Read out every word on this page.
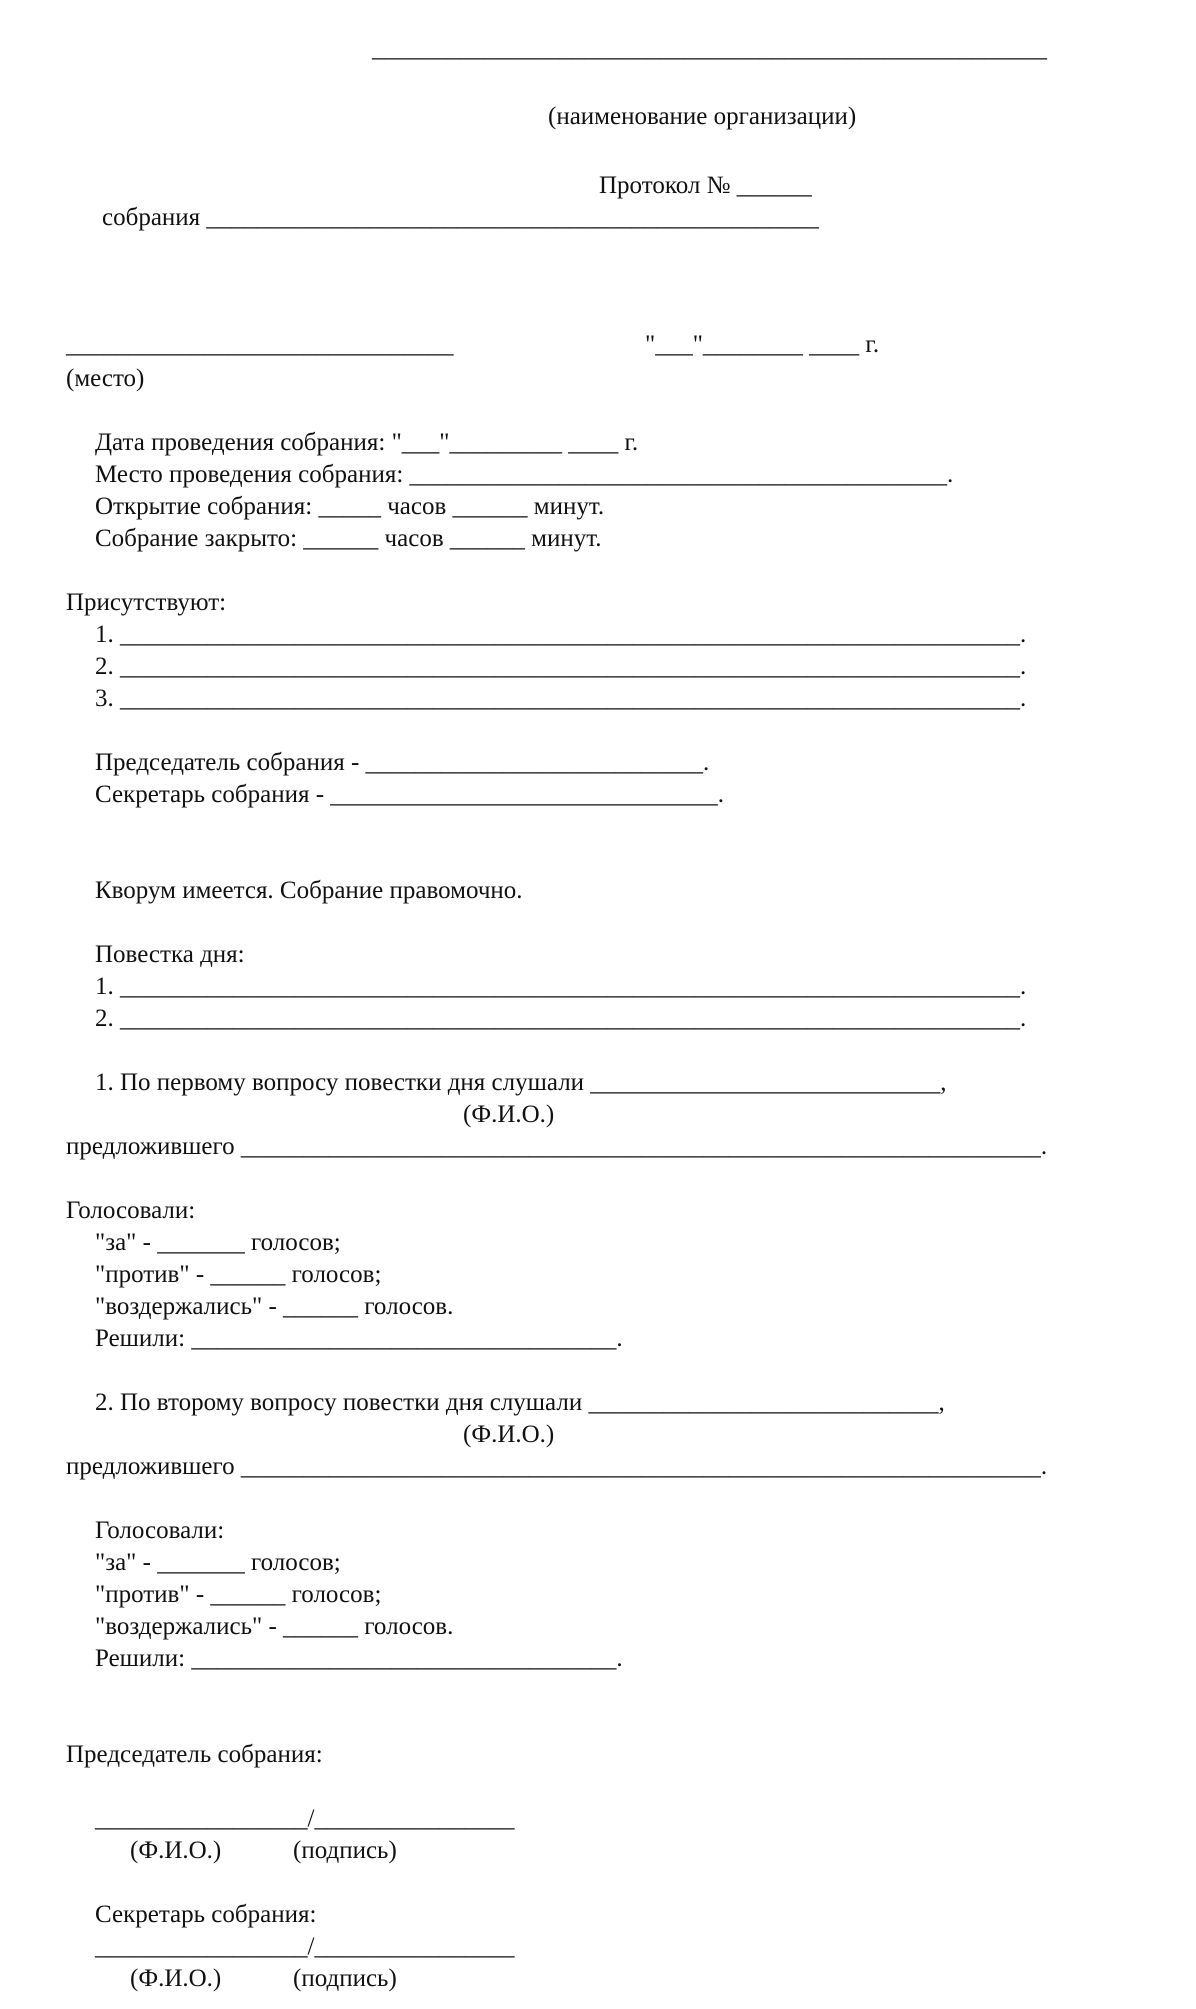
______________________________________________________
(наименование организации)
Протокол № ______
собрания _________________________________________________
_______________________________	"___"________ ____ г.
(место)
Дата проведения собрания: "___"_________ ____ г.
Место проведения собрания: ___________________________________________.
Открытие собрания: _____ часов ______ минут.
Собрание закрыто: ______ часов ______ минут.
Присутствуют:
1. ________________________________________________________________________.
2. ________________________________________________________________________.
3. ________________________________________________________________________.
Председатель собрания - ___________________________.
Секретарь собрания - _______________________________.
Кворум имеется. Собрание правомочно.
Повестка дня:
1. ________________________________________________________________________.
2. ________________________________________________________________________.
1. По первому вопросу повестки дня слушали ____________________________,
(Ф.И.О.)
предложившего ________________________________________________________________.
Голосовали:
"за" - _______ голосов;
"против" - ______ голосов;
"воздержались" - ______ голосов.
Решили: __________________________________.
2. По второму вопросу повестки дня слушали ____________________________,
(Ф.И.О.)
предложившего ________________________________________________________________.
Голосовали:
"за" - _______ голосов;
"против" - ______ голосов;
"воздержались" - ______ голосов.
Решили: __________________________________.
Председатель собрания:
_________________/________________
(Ф.И.О.)	(подпись)
Секретарь собрания:
_________________/________________
(Ф.И.О.)	(подпись)
